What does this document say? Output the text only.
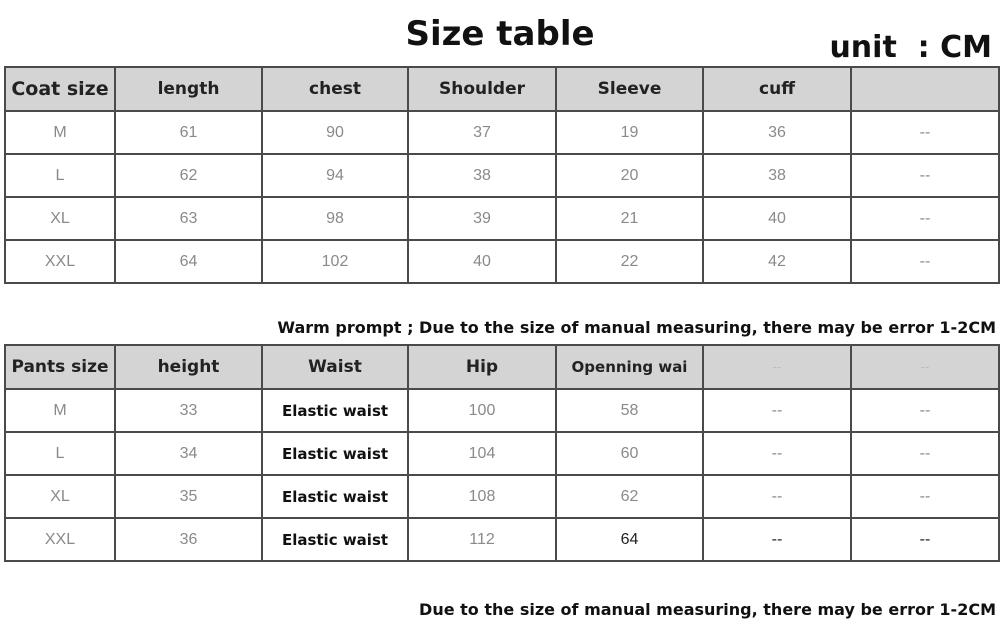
Size table	unit  : CM
Coat size	length	chest	Shoulder	Sleeve	cuff	
M	61	90	37	19	36	--
L	62	94	38	20	38	--
XL	63	98	39	21	40	--
XXL	64	102	40	22	42	--
Warm prompt ; Due to the size of manual measuring, there may be error 1-2CM
Pants size	height	Waist	Hip	Openning wai	--	--
M	33	Elastic waist	100	58	--	--
L	34	Elastic waist	104	60	--	--
XL	35	Elastic waist	108	62	--	--
XXL	36	Elastic waist	112	64	--	--
Due to the size of manual measuring, there may be error 1-2CM
